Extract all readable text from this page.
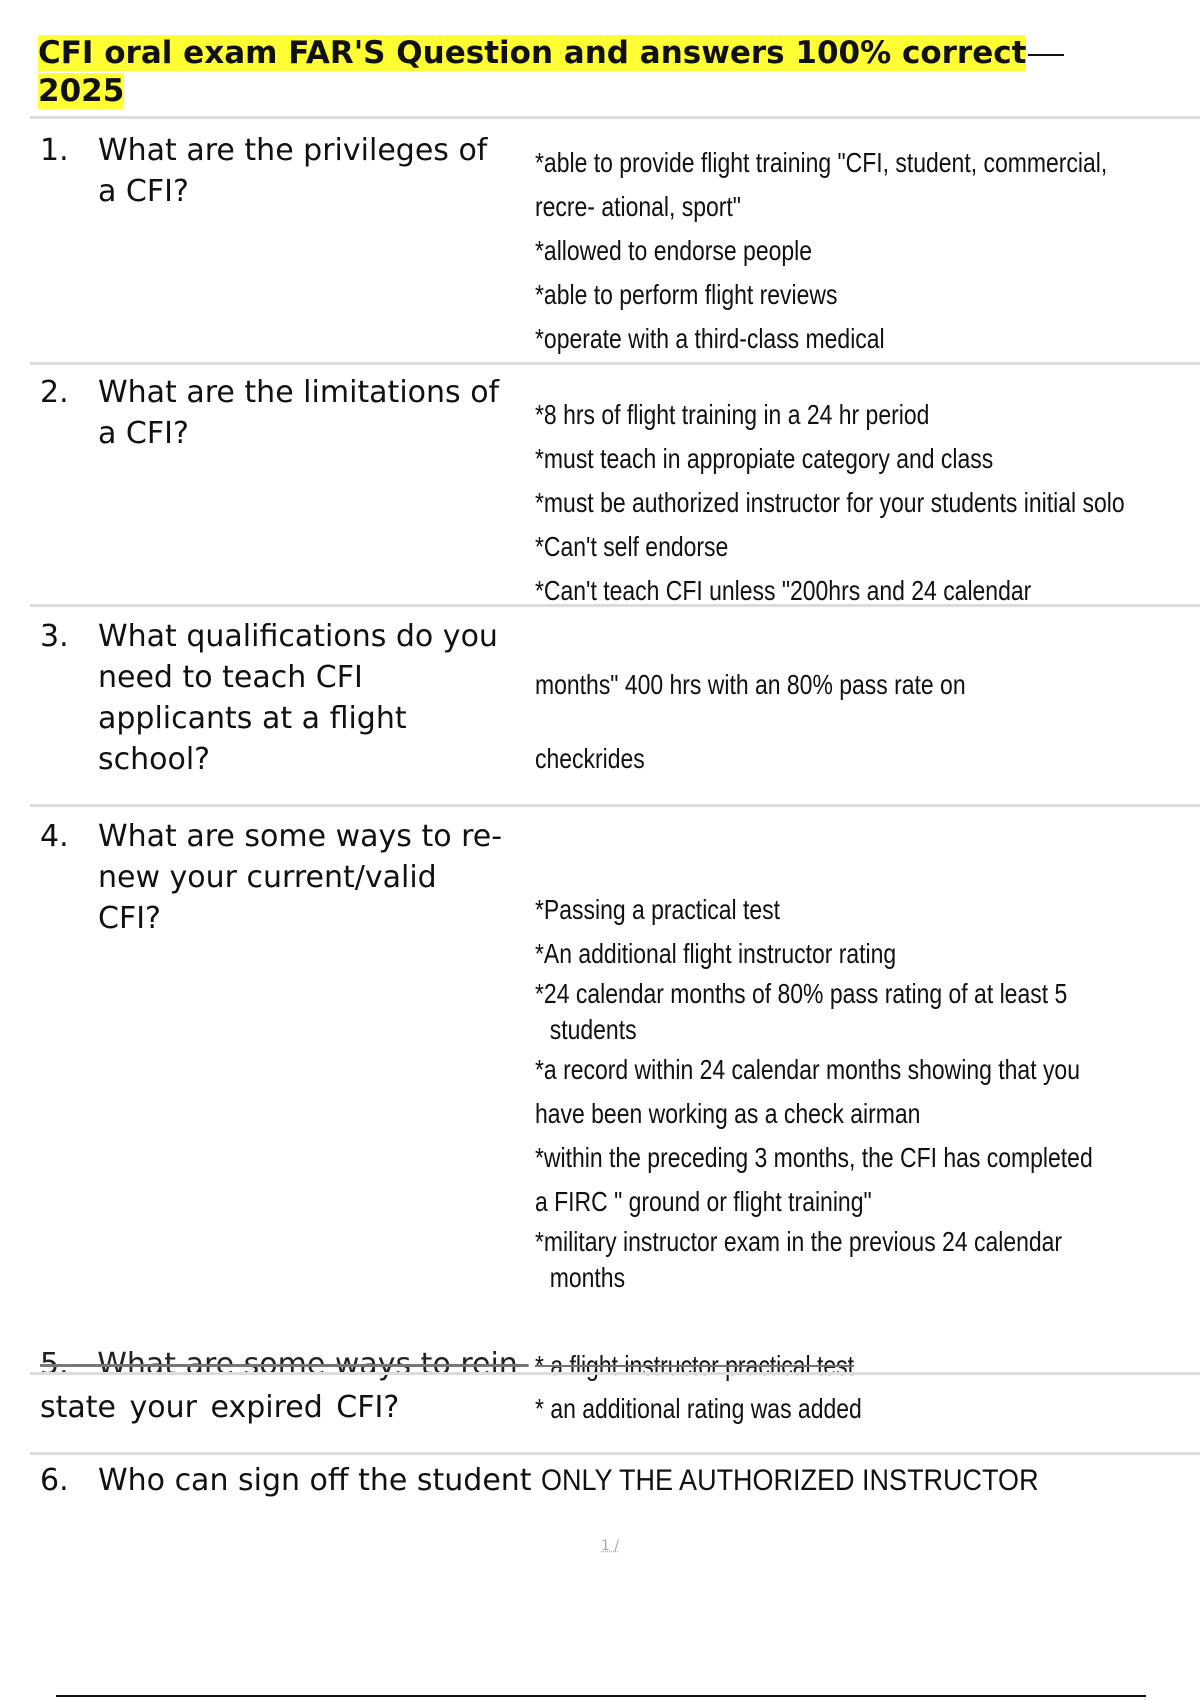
CFI oral exam FAR'S Question and answers 100% correct
2025
1. What are the privileges of a CFI?
*able to provide flight training "CFI, student, commercial,
recre- ational, sport"
*allowed to endorse people
*able to perform flight reviews
*operate with a third-class medical
2. What are the limitations of a CFI?
*8 hrs of flight training in a 24 hr period
*must teach in appropiate category and class
*must be authorized instructor for your students initial solo
*Can't self endorse
*Can't teach CFI unless "200hrs and 24 calendar
3. What qualifications do you need to teach CFI applicants at a flight school?
months" 400 hrs with an 80% pass rate on
checkrides
4. What are some ways to re- new your current/valid CFI?	*Passing a practical test
*An additional flight instructor rating
*24 calendar months of 80% pass rating of at least 5
students
*a record within 24 calendar months showing that you
have been working as a check airman
*within the preceding 3 months, the CFI has completed
a FIRC " ground or flight training"
*military instructor exam in the previous 24 calendar
months
5. What are some ways to rein- * a flight instructor practical test
state your expired CFI?	* an additional rating was added
6. Who can sign off the student ONLY THE AUTHORIZED INSTRUCTOR
1 /
